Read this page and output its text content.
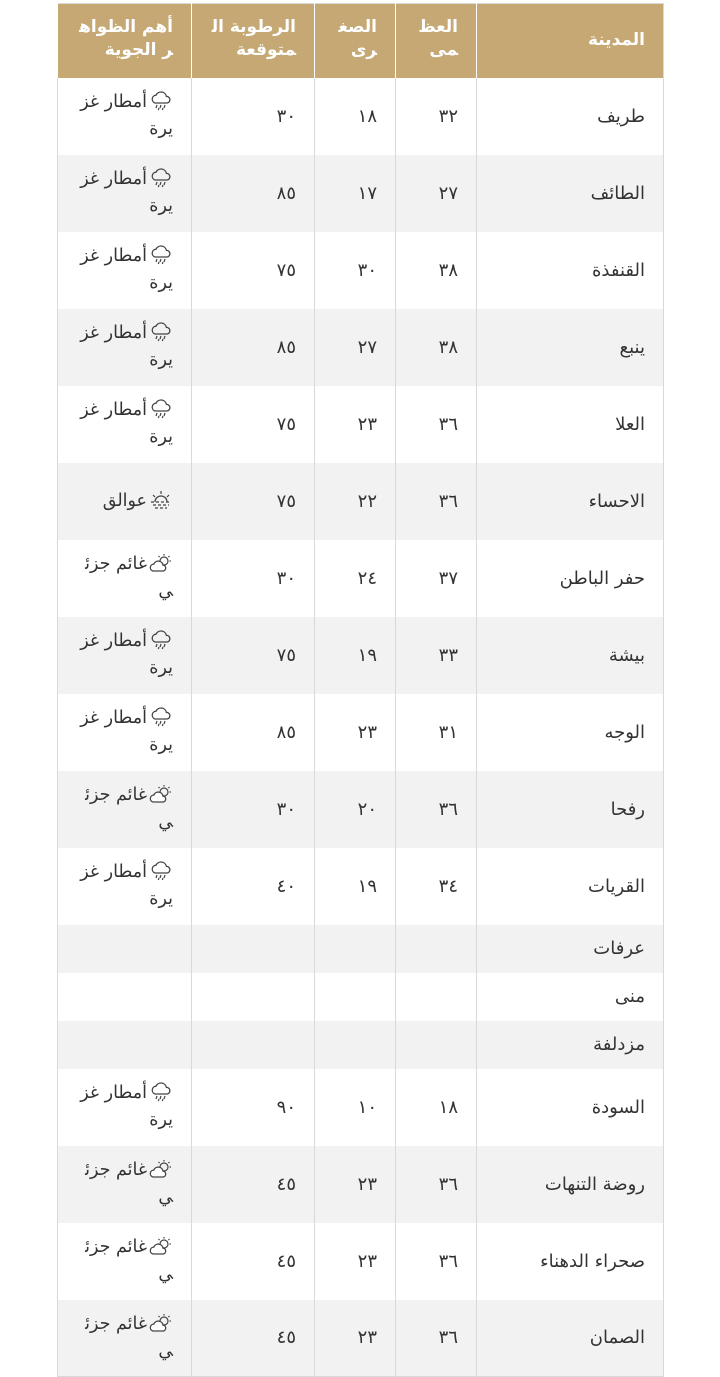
المدينة	العظمى	الصغرى	الرطوبة المتوقعة	أهم الظواهر الجوية
طريف	٣٢	١٨	٣٠	أمطار غزيرة
الطائف	٢٧	١٧	٨٥	أمطار غزيرة
القنفذة	٣٨	٣٠	٧٥	أمطار غزيرة
ينبع	٣٨	٢٧	٨٥	أمطار غزيرة
العلا	٣٦	٢٣	٧٥	أمطار غزيرة
الاحساء	٣٦	٢٢	٧٥	عوالق
حفر الباطن	٣٧	٢٤	٣٠	غائم جزئي
بيشة	٣٣	١٩	٧٥	أمطار غزيرة
الوجه	٣١	٢٣	٨٥	أمطار غزيرة
رفحا	٣٦	٢٠	٣٠	غائم جزئي
القريات	٣٤	١٩	٤٠	أمطار غزيرة
عرفات				
منى				
مزدلفة				
السودة	١٨	١٠	٩٠	أمطار غزيرة
روضة التنهات	٣٦	٢٣	٤٥	غائم جزئي
صحراء الدهناء	٣٦	٢٣	٤٥	غائم جزئي
الصمان	٣٦	٢٣	٤٥	غائم جزئي
